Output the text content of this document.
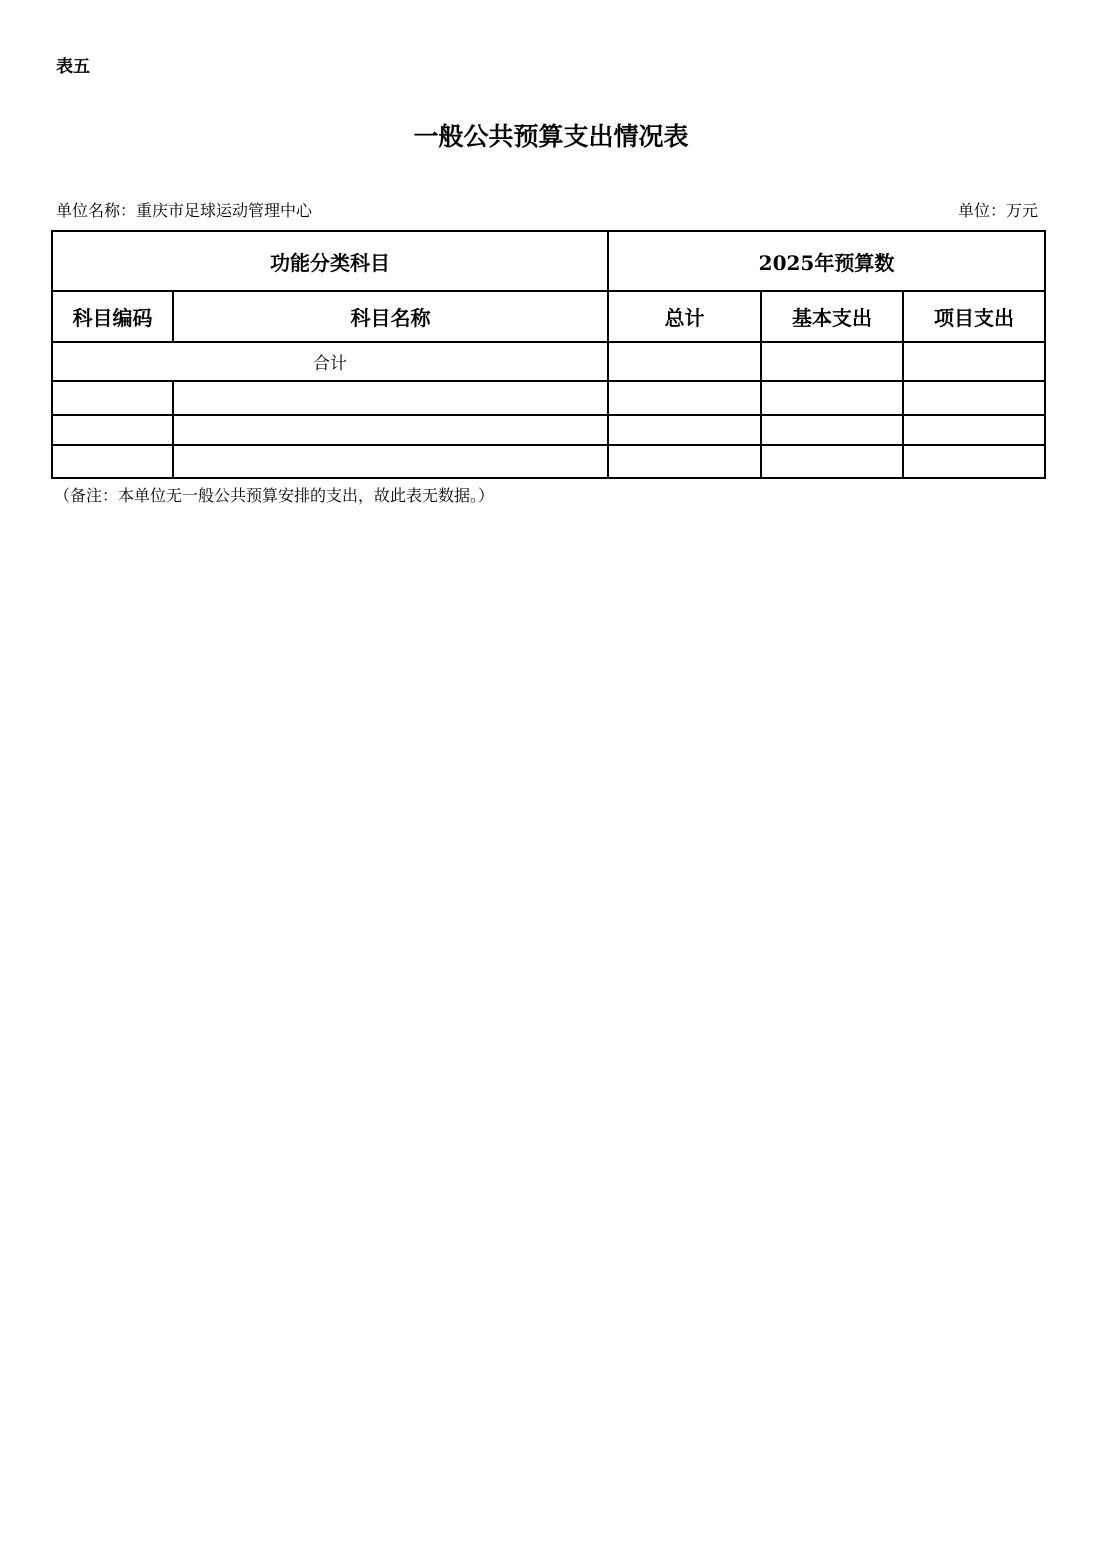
表五
一般公共预算支出情况表
单位名称：重庆市足球运动管理中心	单位：万元
功能分类科目		2025年预算数		
科目编码	科目名称	总计	基本支出	项目支出
合计				

（备注：本单位无一般公共预算安排的支出，故此表无数据。）
